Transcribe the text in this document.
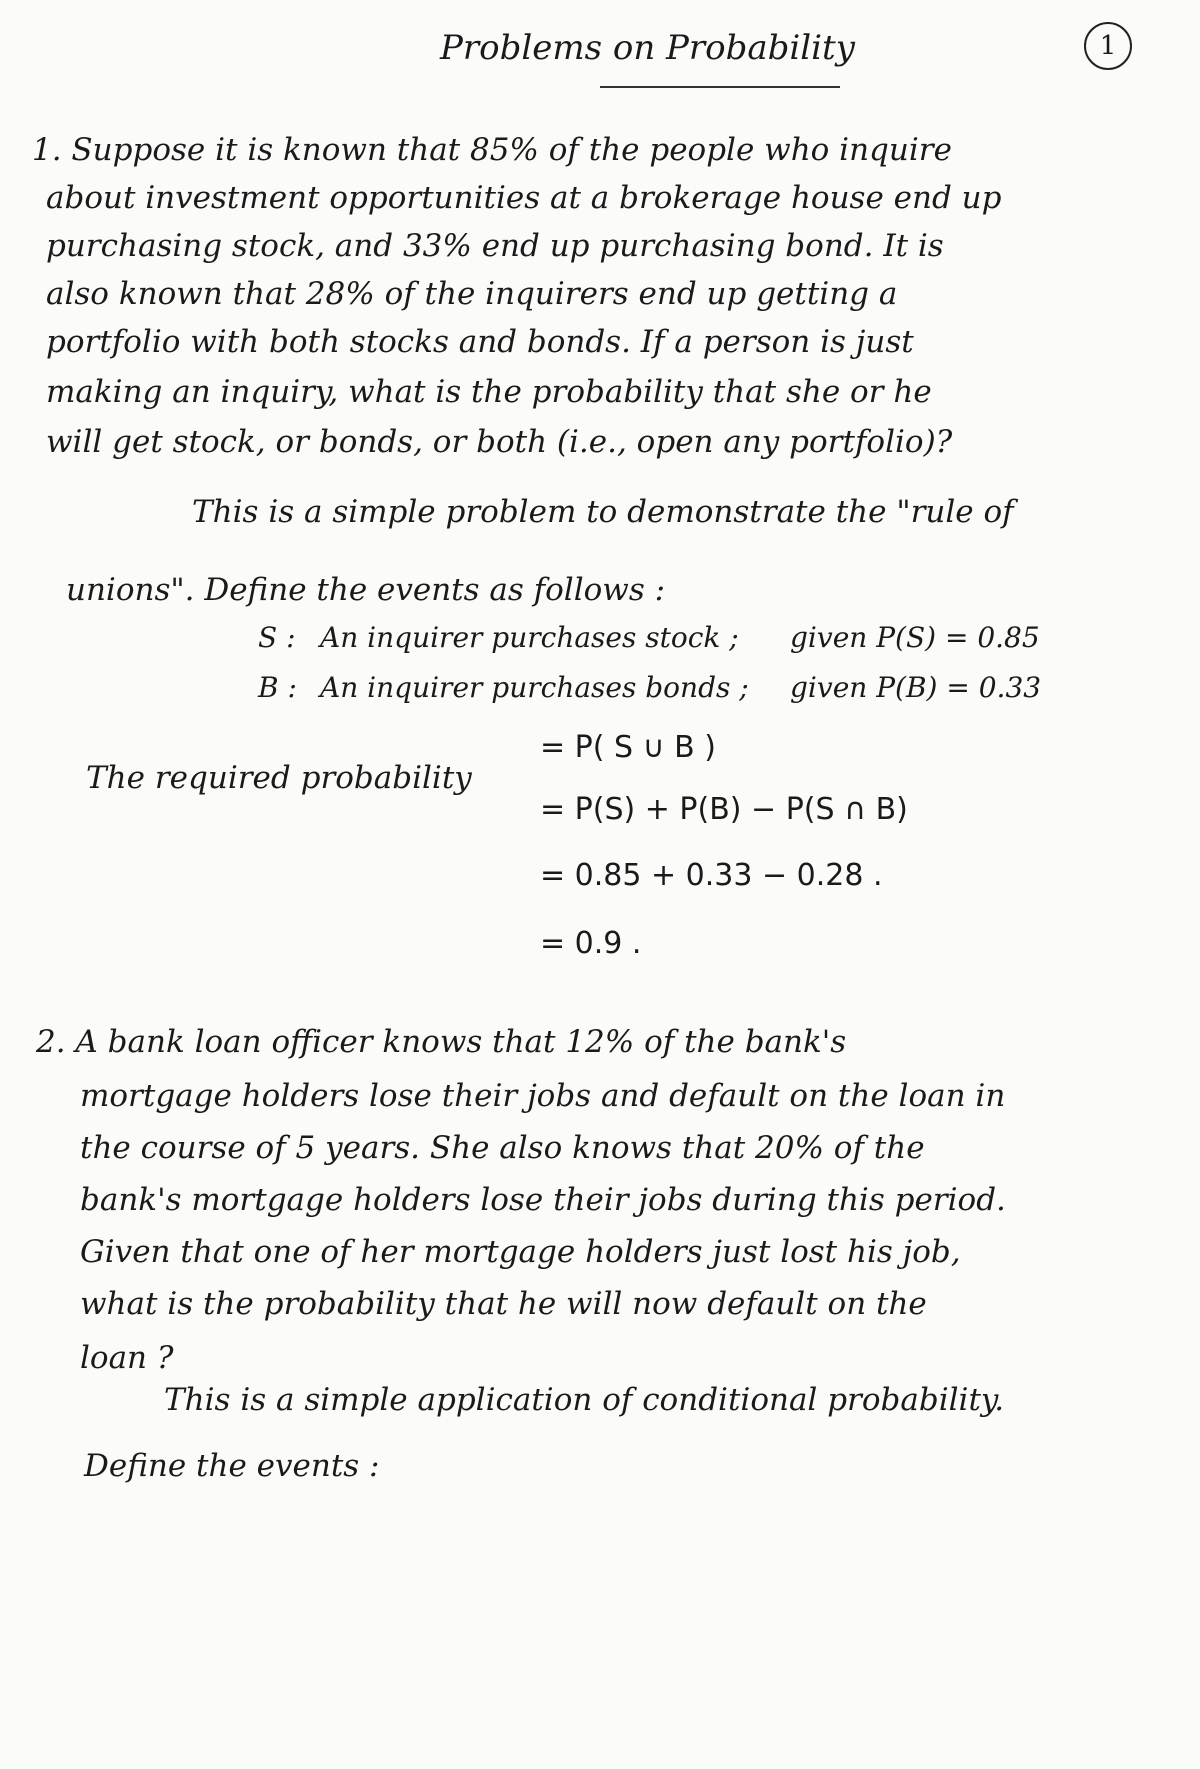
Problems on Probability	1
1. Suppose it is known that 85% of the people who inquire
about investment opportunities at a brokerage house end up
purchasing stock, and 33% end up purchasing bond. It is
also known that 28% of the inquirers end up getting a
portfolio with both stocks and bonds. If a person is just
making an inquiry, what is the probability that she or he
will get stock, or bonds, or both (i.e., open any portfolio)?
This is a simple problem to demonstrate the "rule of
unions". Define the events as follows :
S : An inquirer purchases stock ; given P(S) = 0.85
B : An inquirer purchases bonds ; given P(B) = 0.33
The required probability
= P( S ∪ B )
= P(S) + P(B) − P(S ∩ B)
= 0.85 + 0.33 − 0.28 .
= 0.9 .
2. A bank loan officer knows that 12% of the bank's
mortgage holders lose their jobs and default on the loan in
the course of 5 years. She also knows that 20% of the
bank's mortgage holders lose their jobs during this period.
Given that one of her mortgage holders just lost his job,
what is the probability that he will now default on the
loan ?
This is a simple application of conditional probability.
Define the events :
